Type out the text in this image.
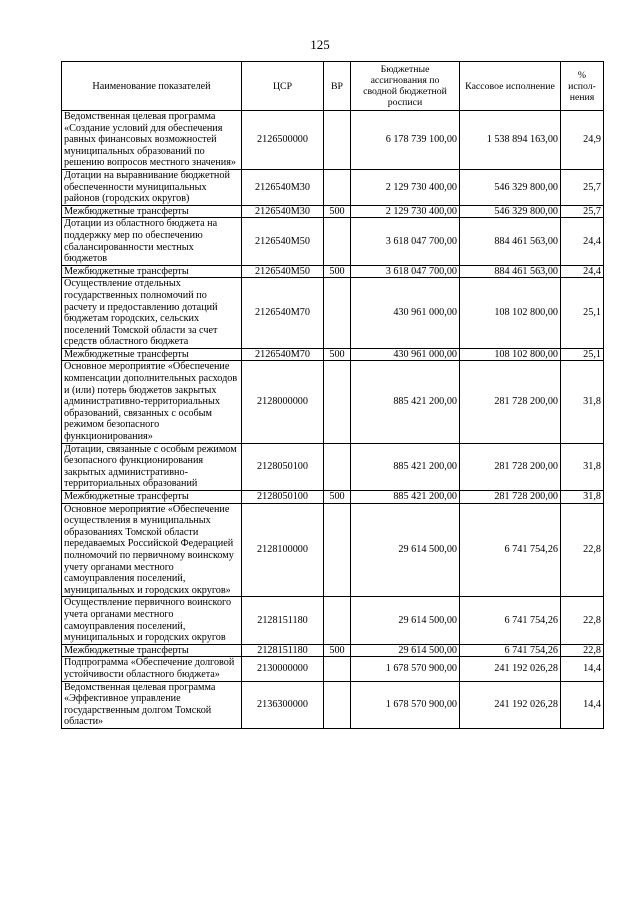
125
Наименование показателей	ЦСР	ВР	Бюджетные ассигнования по сводной бюджетной росписи	Кассовое исполнение	% испол-нения
Ведомственная целевая программа «Создание условий для обеспечения равных финансовых возможностей муниципальных образований по решению вопросов местного значения»	2126500000		6 178 739 100,00	1 538 894 163,00	24,9
Дотации на выравнивание бюджетной обеспеченности муниципальных районов (городских округов)	2126540М30		2 129 730 400,00	546 329 800,00	25,7
Межбюджетные трансферты	2126540М30	500	2 129 730 400,00	546 329 800,00	25,7
Дотации из областного бюджета на поддержку мер по обеспечению сбалансированности местных бюджетов	2126540М50		3 618 047 700,00	884 461 563,00	24,4
Межбюджетные трансферты	2126540М50	500	3 618 047 700,00	884 461 563,00	24,4
Осуществление отдельных государственных полномочий по расчету и предоставлению дотаций бюджетам городских, сельских поселений Томской области за счет средств областного бюджета	2126540М70		430 961 000,00	108 102 800,00	25,1
Межбюджетные трансферты	2126540М70	500	430 961 000,00	108 102 800,00	25,1
Основное мероприятие «Обеспечение компенсации дополнительных расходов и (или) потерь бюджетов закрытых административно-территориальных образований, связанных с особым режимом безопасного функционирования»	2128000000		885 421 200,00	281 728 200,00	31,8
Дотации, связанные с особым режимом безопасного функционирования закрытых административно-территориальных образований	2128050100		885 421 200,00	281 728 200,00	31,8
Межбюджетные трансферты	2128050100	500	885 421 200,00	281 728 200,00	31,8
Основное мероприятие «Обеспечение осуществления в муниципальных образованиях Томской области передаваемых Российской Федерацией полномочий по первичному воинскому учету органами местного самоуправления поселений, муниципальных и городских округов»	2128100000		29 614 500,00	6 741 754,26	22,8
Осуществление первичного воинского учета органами местного самоуправления поселений, муниципальных и городских округов	2128151180		29 614 500,00	6 741 754,26	22,8
Межбюджетные трансферты	2128151180	500	29 614 500,00	6 741 754,26	22,8
Подпрограмма «Обеспечение долговой устойчивости областного бюджета»	2130000000		1 678 570 900,00	241 192 026,28	14,4
Ведомственная целевая программа «Эффективное управление государственным долгом Томской области»	2136300000		1 678 570 900,00	241 192 026,28	14,4
